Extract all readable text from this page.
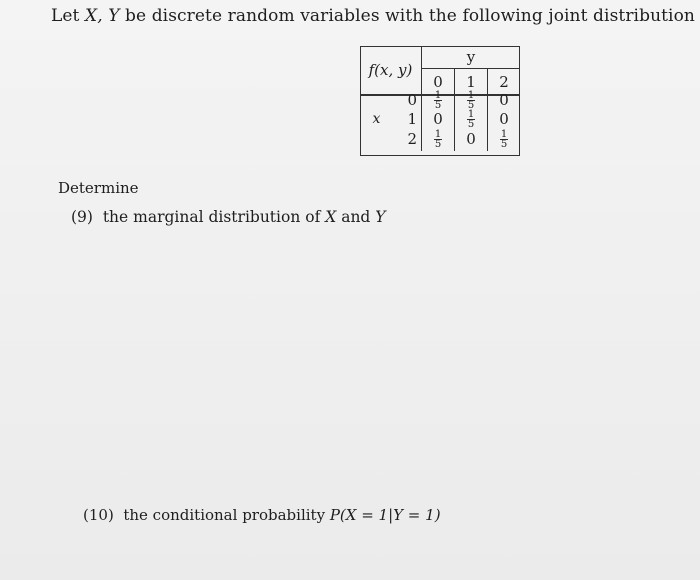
Let X, Y be discrete random variables with the following joint distribution
f(x, y)	y		
	0	1	2
	0	$\frac{1}{5}$	$\frac{1}{5}$	0
x	1	0	$\frac{1}{5}$	0
	2	$\frac{1}{5}$	0	$\frac{1}{5}$
Determine
(9) the marginal distribution of X and Y
(10) the conditional probability P(X = 1|Y = 1)
